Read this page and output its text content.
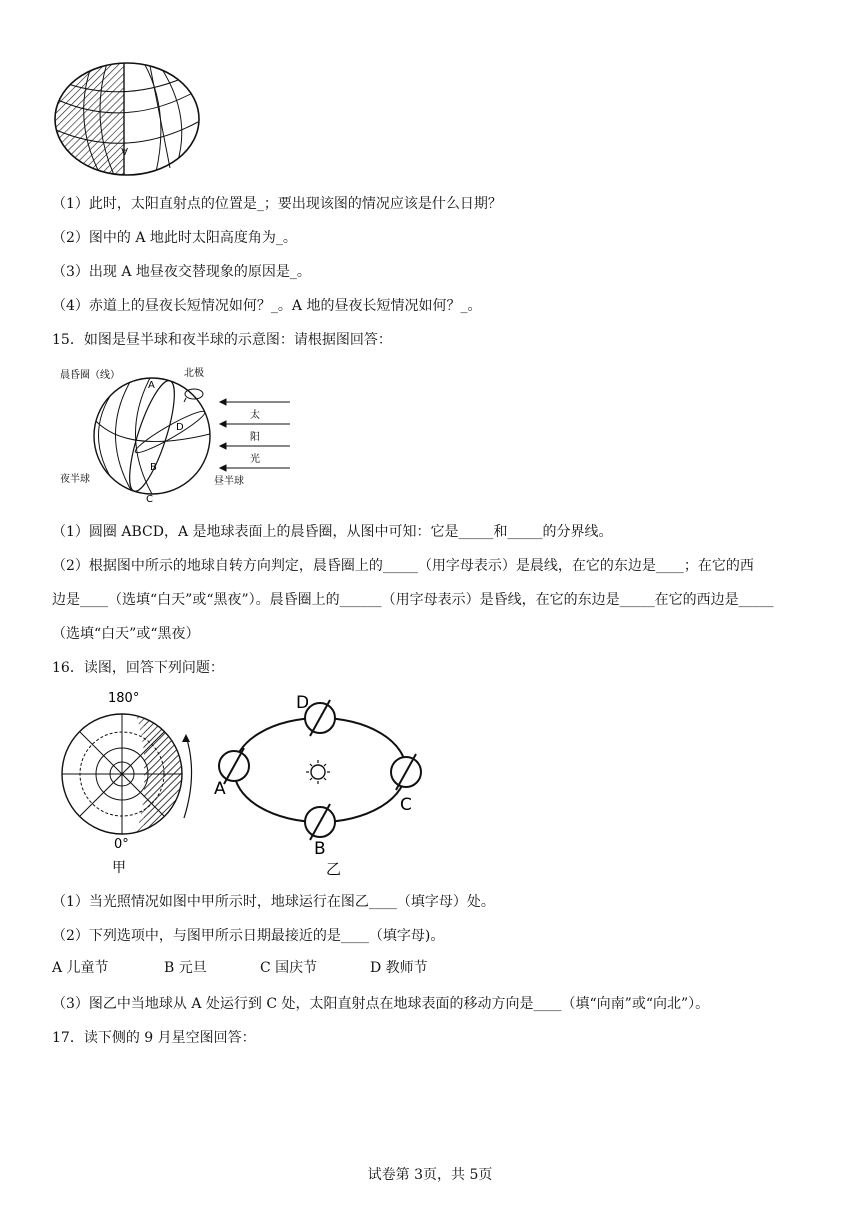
A
（1）此时，太阳直射点的位置是_；要出现该图的情况应该是什么日期？
（2）图中的 A 地此时太阳高度角为_。
（3）出现 A 地昼夜交替现象的原因是_。
（4）赤道上的昼夜长短情况如何？_。A 地的昼夜长短情况如何？_。
15．如图是昼半球和夜半球的示意图：请根据图回答：
晨昏圈（线）
A
B
C
D
北极
太
阳
光
昼半球
夜半球
（1）圆圈 ABCD，A 是地球表面上的晨昏圈，从图中可知：它是_____和_____的分界线。
（2）根据图中所示的地球自转方向判定，晨昏圈上的_____（用字母表示）是晨线，在它的东边是____；在它的西
边是____（选填“白天”或“黑夜”）。晨昏圈上的______（用字母表示）是昏线，在它的东边是_____在它的西边是_____
（选填“白天”或“黑夜）
16．读图，回答下列问题：
180°
0°
甲
D
A
C
B
乙
（1）当光照情况如图中甲所示时，地球运行在图乙____（填字母）处。
（2）下列选项中，与图甲所示日期最接近的是____（填字母)。
A 儿童节	B 元旦	C 国庆节	D 教师节
（3）图乙中当地球从 A 处运行到 C 处，太阳直射点在地球表面的移动方向是____（填“向南”或“向北”）。
17．读下侧的 9 月星空图回答：
试卷第 3页，共 5页
